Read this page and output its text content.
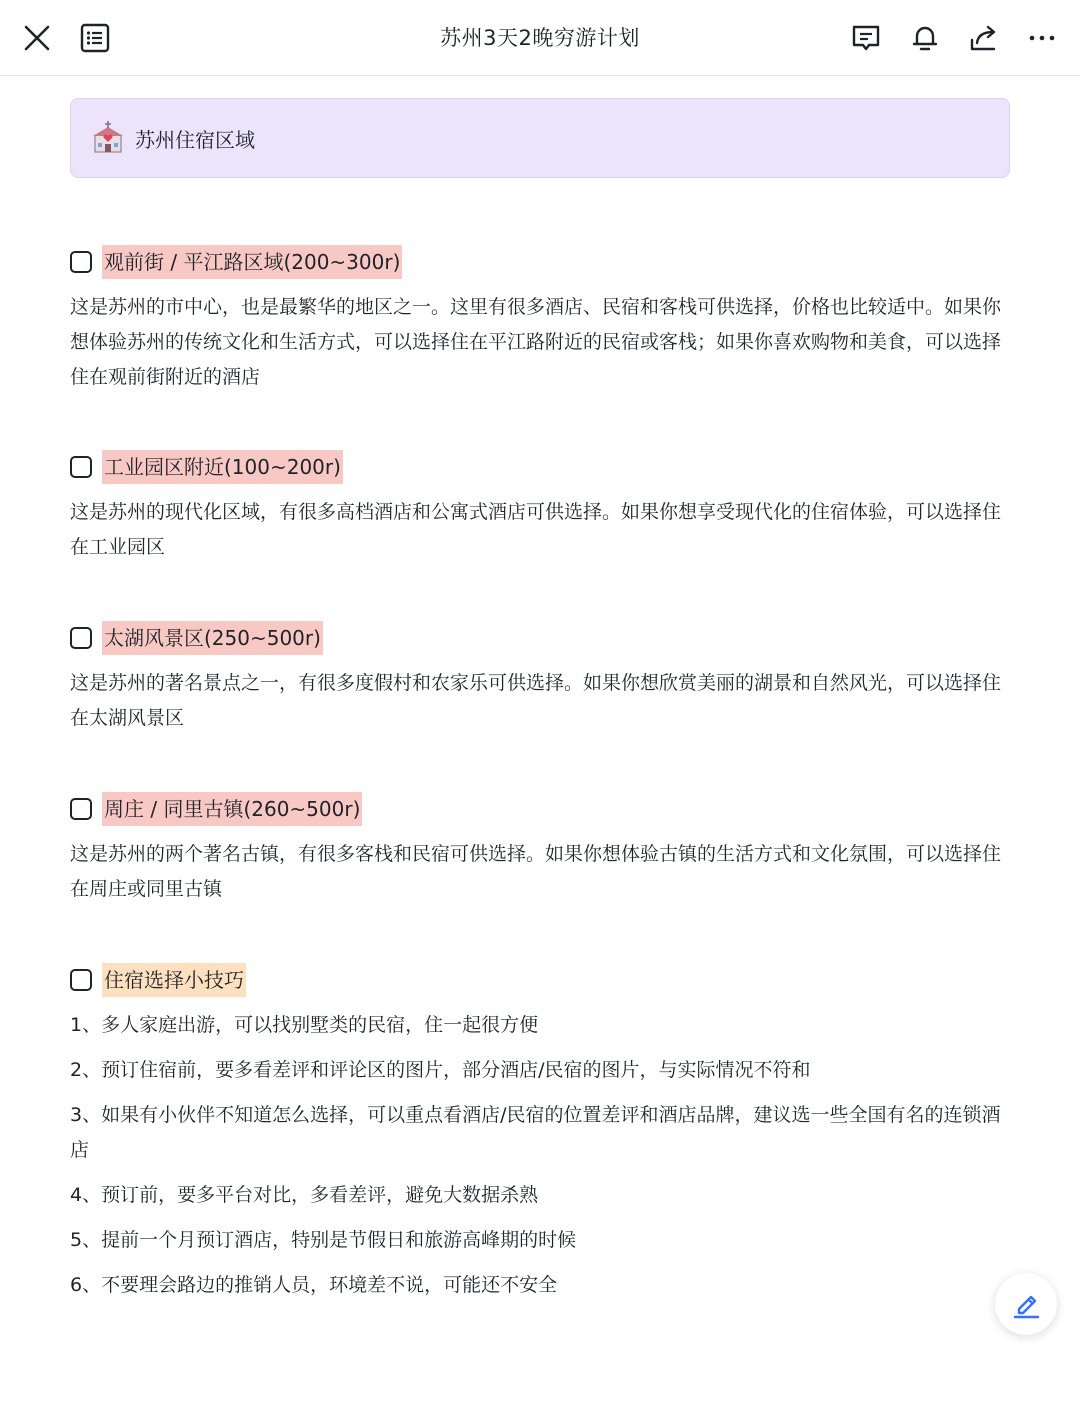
苏州3天2晚穷游计划
苏州住宿区域
观前街 / 平江路区域(200~300r)
这是苏州的市中心，也是最繁华的地区之一。这里有很多酒店、民宿和客栈可供选择，价格也比较适中。如果你想体验苏州的传统文化和生活方式，可以选择住在平江路附近的民宿或客栈；如果你喜欢购物和美食，可以选择住在观前街附近的酒店
工业园区附近(100~200r)
这是苏州的现代化区域，有很多高档酒店和公寓式酒店可供选择。如果你想享受现代化的住宿体验，可以选择住在工业园区
太湖风景区(250~500r)
这是苏州的著名景点之一，有很多度假村和农家乐可供选择。如果你想欣赏美丽的湖景和自然风光，可以选择住在太湖风景区
周庄 / 同里古镇(260~500r)
这是苏州的两个著名古镇，有很多客栈和民宿可供选择。如果你想体验古镇的生活方式和文化氛围，可以选择住在周庄或同里古镇
住宿选择小技巧
1、多人家庭出游，可以找别墅类的民宿，住一起很方便
2、预订住宿前，要多看差评和评论区的图片，部分酒店/民宿的图片，与实际情况不符和
3、如果有小伙伴不知道怎么选择，可以重点看酒店/民宿的位置差评和酒店品牌，建议选一些全国有名的连锁酒店
4、预订前，要多平台对比，多看差评，避免大数据杀熟
5、提前一个月预订酒店，特别是节假日和旅游高峰期的时候
6、不要理会路边的推销人员，环境差不说，可能还不安全
